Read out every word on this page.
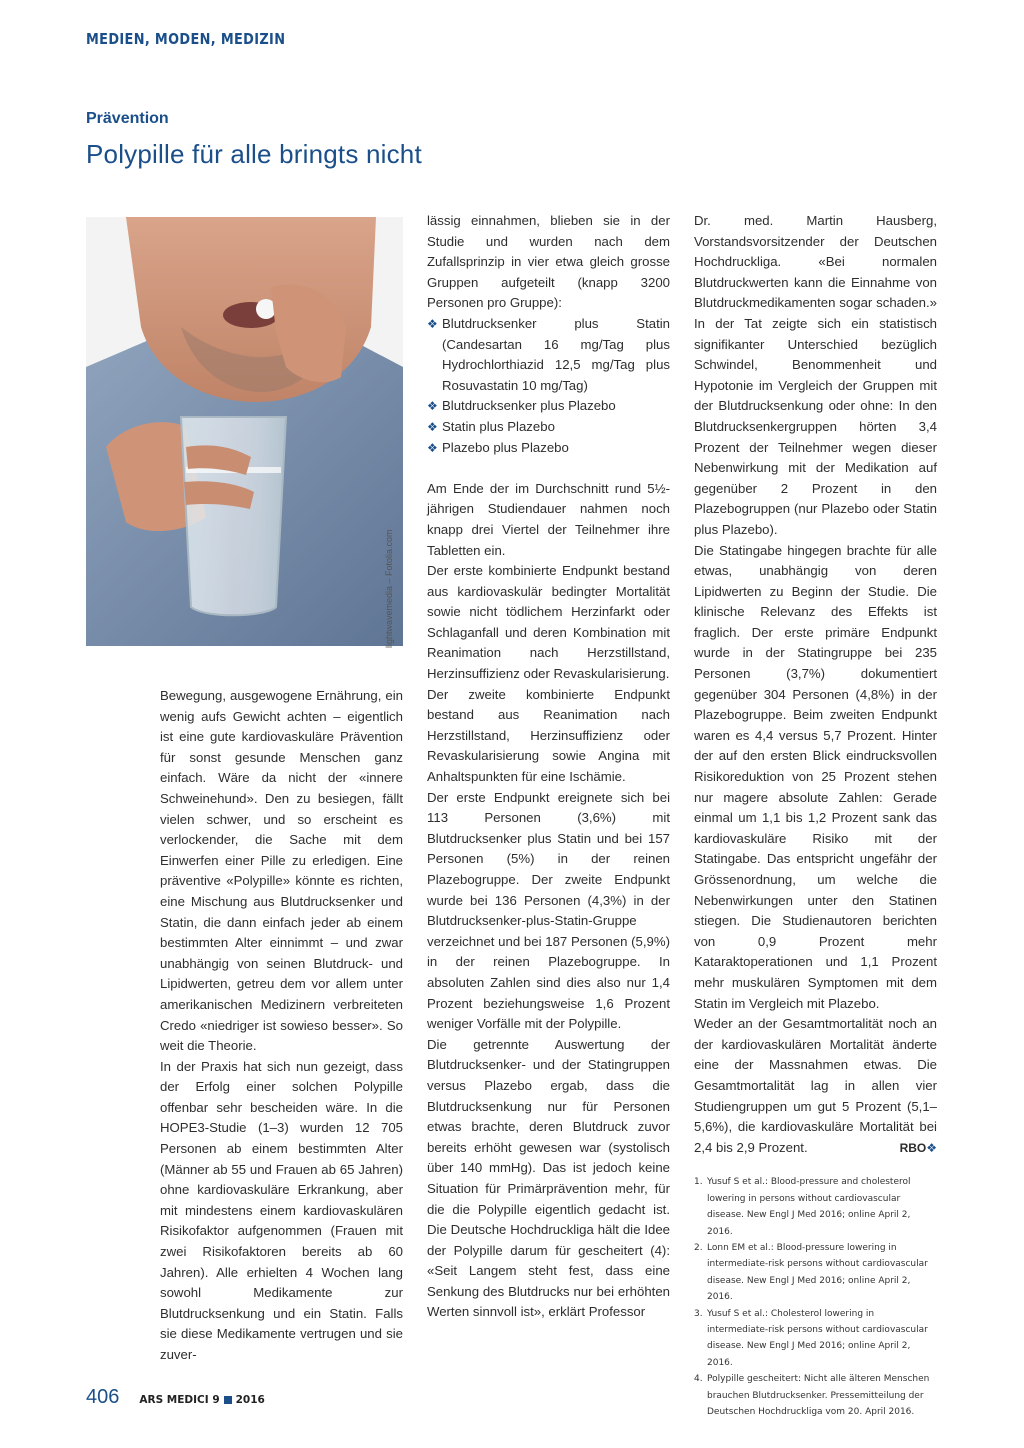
MEDIEN, MODEN, MEDIZIN
Prävention
Polypille für alle bringts nicht
lightwavemedia – Fotolia.com

Bewegung, ausgewogene Ernährung, ein wenig aufs Gewicht achten – eigentlich ist eine gute kardiovaskuläre Prävention für sonst gesunde Menschen ganz einfach. Wäre da nicht der «innere Schweinehund». Den zu besiegen, fällt vielen schwer, und so erscheint es verlockender, die Sache mit dem Einwerfen einer Pille zu erledigen. Eine präventive «Polypille» könnte es richten, eine Mischung aus Blutdrucksenker und Statin, die dann einfach jeder ab einem bestimmten Alter einnimmt – und zwar unabhängig von seinen Blutdruck- und Lipidwerten, getreu dem vor allem unter amerikanischen Medizinern verbreiteten Credo «niedriger ist sowieso besser». So weit die Theorie.

In der Praxis hat sich nun gezeigt, dass der Erfolg einer solchen Polypille offenbar sehr bescheiden wäre. In die HOPE3-Studie (1–3) wurden 12 705 Personen ab einem bestimmten Alter (Männer ab 55 und Frauen ab 65 Jahren) ohne kardiovaskuläre Erkrankung, aber mit mindestens einem kardiovaskulären Risikofaktor aufgenommen (Frauen mit zwei Risikofaktoren bereits ab 60 Jahren). Alle erhielten 4 Wochen lang sowohl Medikamente zur Blutdrucksenkung und ein Statin. Falls sie diese Medikamente vertrugen und sie zuver-

lässig einnahmen, blieben sie in der Studie und wurden nach dem Zufallsprinzip in vier etwa gleich grosse Gruppen aufgeteilt (knapp 3200 Personen pro Gruppe):

❖ Blutdrucksenker plus Statin (Candesartan 16 mg/Tag plus Hydrochlorthiazid 12,5 mg/Tag plus Rosuvastatin 10 mg/Tag)
❖ Blutdrucksenker plus Plazebo
❖ Statin plus Plazebo
❖ Plazebo plus Plazebo

Am Ende der im Durchschnitt rund 5½-jährigen Studiendauer nahmen noch knapp drei Viertel der Teilnehmer ihre Tabletten ein.

Der erste kombinierte Endpunkt bestand aus kardiovaskulär bedingter Mortalität sowie nicht tödlichem Herzinfarkt oder Schlaganfall und deren Kombination mit Reanimation nach Herzstillstand, Herzinsuffizienz oder Revaskularisierung.

Der zweite kombinierte Endpunkt bestand aus Reanimation nach Herzstillstand, Herzinsuffizienz oder Revaskularisierung sowie Angina mit Anhaltspunkten für eine Ischämie.

Der erste Endpunkt ereignete sich bei 113 Personen (3,6%) mit Blutdrucksenker plus Statin und bei 157 Personen (5%) in der reinen Plazebogruppe. Der zweite Endpunkt wurde bei 136 Personen (4,3%) in der Blutdrucksenker-plus-Statin-Gruppe verzeichnet und bei 187 Personen (5,9%) in der reinen Plazebogruppe. In absoluten Zahlen sind dies also nur 1,4 Prozent beziehungsweise 1,6 Prozent weniger Vorfälle mit der Polypille.

Die getrennte Auswertung der Blutdrucksenker- und der Statingruppen versus Plazebo ergab, dass die Blutdrucksenkung nur für Personen etwas brachte, deren Blutdruck zuvor bereits erhöht gewesen war (systolisch über 140 mmHg). Das ist jedoch keine Situation für Primärprävention mehr, für die die Polypille eigentlich gedacht ist. Die Deutsche Hochdruckliga hält die Idee der Polypille darum für gescheitert (4): «Seit Langem steht fest, dass eine Senkung des Blutdrucks nur bei erhöhten Werten sinnvoll ist», erklärt Professor

Dr. med. Martin Hausberg, Vorstandsvorsitzender der Deutschen Hochdruckliga. «Bei normalen Blutdruckwerten kann die Einnahme von Blutdruckmedikamenten sogar schaden.» In der Tat zeigte sich ein statistisch signifikanter Unterschied bezüglich Schwindel, Benommenheit und Hypotonie im Vergleich der Gruppen mit der Blutdrucksenkung oder ohne: In den Blutdrucksenkergruppen hörten 3,4 Prozent der Teilnehmer wegen dieser Nebenwirkung mit der Medikation auf gegenüber 2 Prozent in den Plazebogruppen (nur Plazebo oder Statin plus Plazebo).

Die Statingabe hingegen brachte für alle etwas, unabhängig von deren Lipidwerten zu Beginn der Studie. Die klinische Relevanz des Effekts ist fraglich. Der erste primäre Endpunkt wurde in der Statingruppe bei 235 Personen (3,7%) dokumentiert gegenüber 304 Personen (4,8%) in der Plazebogruppe. Beim zweiten Endpunkt waren es 4,4 versus 5,7 Prozent. Hinter der auf den ersten Blick eindrucksvollen Risikoreduktion von 25 Prozent stehen nur magere absolute Zahlen: Gerade einmal um 1,1 bis 1,2 Prozent sank das kardiovaskuläre Risiko mit der Statingabe. Das entspricht ungefähr der Grössenordnung, um welche die Nebenwirkungen unter den Statinen stiegen. Die Studienautoren berichten von 0,9 Prozent mehr Kataraktoperationen und 1,1 Prozent mehr muskulären Symptomen mit dem Statin im Vergleich mit Plazebo.

Weder an der Gesamtmortalität noch an der kardiovaskulären Mortalität änderte eine der Massnahmen etwas. Die Gesamtmortalität lag in allen vier Studiengruppen um gut 5 Prozent (5,1–5,6%), die kardiovaskuläre Mortalität bei 2,4 bis 2,9 Prozent.	RBO❖

1. Yusuf S et al.: Blood-pressure and cholesterol lowering in persons without cardiovascular disease. New Engl J Med 2016; online April 2, 2016.
2. Lonn EM et al.: Blood-pressure lowering in intermediate-risk persons without cardiovascular disease. New Engl J Med 2016; online April 2, 2016.
3. Yusuf S et al.: Cholesterol lowering in intermediate-risk persons without cardiovascular disease. New Engl J Med 2016; online April 2, 2016.
4. Polypille gescheitert: Nicht alle älteren Menschen brauchen Blutdrucksenker. Pressemitteilung der Deutschen Hochdruckliga vom 20. April 2016.
406 ARS MEDICI 9 2016
